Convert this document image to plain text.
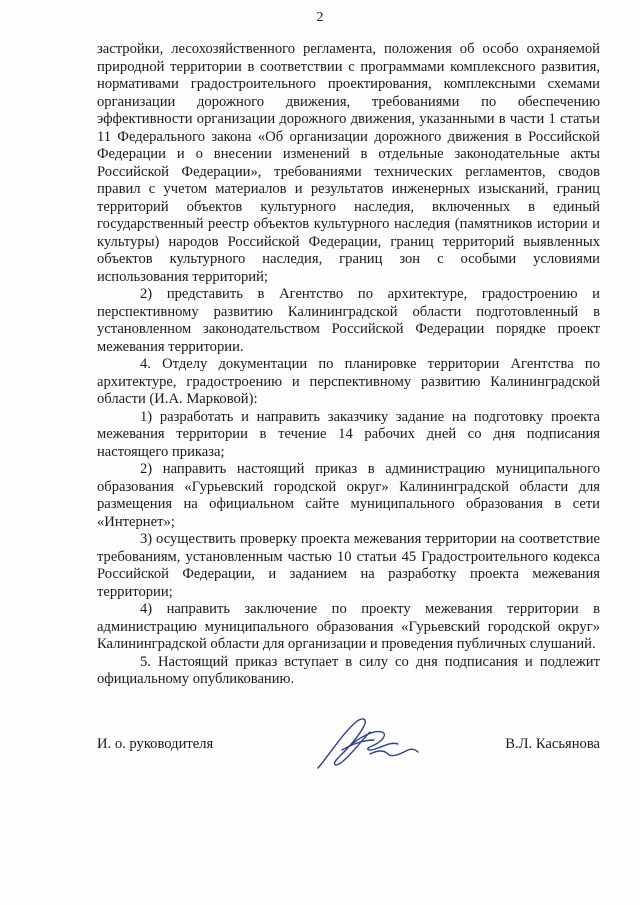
2

застройки, лесохозяйственного регламента, положения об особо охраняемой природной территории в соответствии с программами комплексного развития, нормативами градостроительного проектирования, комплексными схемами организации дорожного движения, требованиями по обеспечению эффективности организации дорожного движения, указанными в части 1 статьи 11 Федерального закона «Об организации дорожного движения в Российской Федерации и о внесении изменений в отдельные законодательные акты Российской Федерации», требованиями технических регламентов, сводов правил с учетом материалов и результатов инженерных изысканий, границ территорий объектов культурного наследия, включенных в единый государственный реестр объектов культурного наследия (памятников истории и культуры) народов Российской Федерации, границ территорий выявленных объектов культурного наследия, границ зон с особыми условиями использования территорий;

2) представить в Агентство по архитектуре, градостроению и перспективному развитию Калининградской области подготовленный в установленном законодательством Российской Федерации порядке проект межевания территории.

4. Отделу документации по планировке территории Агентства по архитектуре, градостроению и перспективному развитию Калининградской области (И.А. Марковой):

1) разработать и направить заказчику задание на подготовку проекта межевания территории в течение 14 рабочих дней со дня подписания настоящего приказа;

2) направить настоящий приказ в администрацию муниципального образования «Гурьевский городской округ» Калининградской области для размещения на официальном сайте муниципального образования в сети «Интернет»;

3) осуществить проверку проекта межевания территории на соответствие требованиям, установленным частью 10 статьи 45 Градостроительного кодекса Российской Федерации, и заданием на разработку проекта межевания территории;

4) направить заключение по проекту межевания территории в администрацию муниципального образования «Гурьевский городской округ» Калининградской области для организации и проведения публичных слушаний.

5. Настоящий приказ вступает в силу со дня подписания и подлежит официальному опубликованию.

И. о. руководителя	В.Л. Касьянова
